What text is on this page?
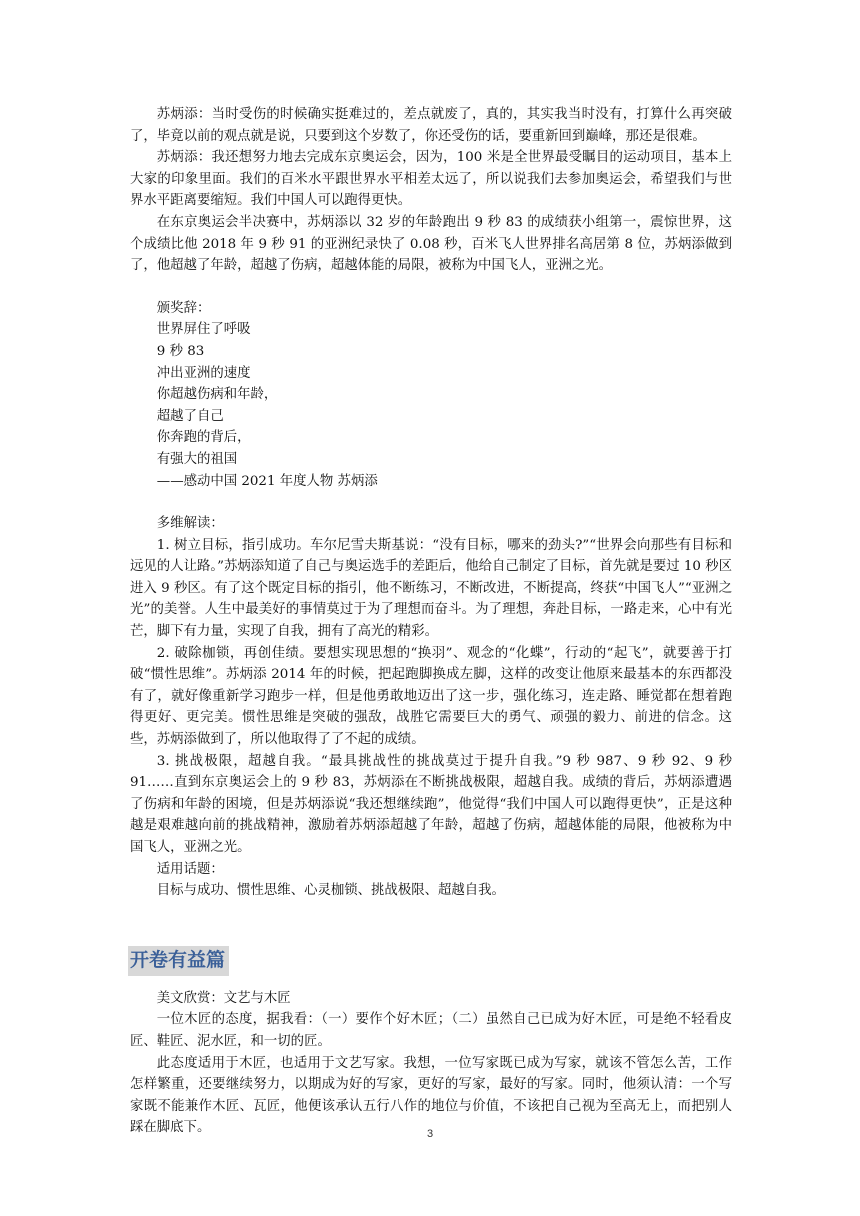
苏炳添：当时受伤的时候确实挺难过的，差点就废了，真的，其实我当时没有，打算什么再突破了，毕竟以前的观点就是说，只要到这个岁数了，你还受伤的话，要重新回到巅峰，那还是很难。

苏炳添：我还想努力地去完成东京奥运会，因为，100 米是全世界最受瞩目的运动项目，基本上大家的印象里面。我们的百米水平跟世界水平相差太远了，所以说我们去参加奥运会，希望我们与世界水平距离要缩短。我们中国人可以跑得更快。

在东京奥运会半决赛中，苏炳添以 32 岁的年龄跑出 9 秒 83 的成绩获小组第一，震惊世界，这个成绩比他 2018 年 9 秒 91 的亚洲纪录快了 0.08 秒，百米飞人世界排名高居第 8 位，苏炳添做到了，他超越了年龄，超越了伤病，超越体能的局限，被称为中国飞人，亚洲之光。

颁奖辞：

世界屏住了呼吸

9 秒 83

冲出亚洲的速度

你超越伤病和年龄，

超越了自己

你奔跑的背后，

有强大的祖国

——感动中国 2021 年度人物 苏炳添

多维解读：

1. 树立目标，指引成功。车尔尼雪夫斯基说：“没有目标，哪来的劲头?”“世界会向那些有目标和远见的人让路。”苏炳添知道了自己与奥运选手的差距后，他给自己制定了目标，首先就是要过 10 秒区进入 9 秒区。有了这个既定目标的指引，他不断练习，不断改进，不断提高，终获“中国飞人”“亚洲之光”的美誉。人生中最美好的事情莫过于为了理想而奋斗。为了理想，奔赴目标，一路走来，心中有光芒，脚下有力量，实现了自我，拥有了高光的精彩。

2. 破除枷锁，再创佳绩。要想实现思想的“换羽”、观念的“化蝶”，行动的“起飞”，就要善于打破“惯性思维”。苏炳添 2014 年的时候，把起跑脚换成左脚，这样的改变让他原来最基本的东西都没有了，就好像重新学习跑步一样，但是他勇敢地迈出了这一步，强化练习，连走路、睡觉都在想着跑得更好、更完美。惯性思维是突破的强敌，战胜它需要巨大的勇气、顽强的毅力、前进的信念。这些，苏炳添做到了，所以他取得了了不起的成绩。

3. 挑战极限，超越自我。“最具挑战性的挑战莫过于提升自我。”9 秒 987、9 秒 92、9 秒 91……直到东京奥运会上的 9 秒 83，苏炳添在不断挑战极限，超越自我。成绩的背后，苏炳添遭遇了伤病和年龄的困境，但是苏炳添说“我还想继续跑”，他觉得“我们中国人可以跑得更快”，正是这种越是艰难越向前的挑战精神，激励着苏炳添超越了年龄，超越了伤病，超越体能的局限，他被称为中国飞人，亚洲之光。

适用话题：

目标与成功、惯性思维、心灵枷锁、挑战极限、超越自我。

开卷有益篇

美文欣赏：文艺与木匠

一位木匠的态度，据我看：（一）要作个好木匠；（二）虽然自己已成为好木匠，可是绝不轻看皮匠、鞋匠、泥水匠，和一切的匠。

此态度适用于木匠，也适用于文艺写家。我想，一位写家既已成为写家，就该不管怎么苦，工作怎样繁重，还要继续努力，以期成为好的写家，更好的写家，最好的写家。同时，他须认清：一个写家既不能兼作木匠、瓦匠，他便该承认五行八作的地位与价值，不该把自己视为至高无上，而把别人踩在脚底下。	3
